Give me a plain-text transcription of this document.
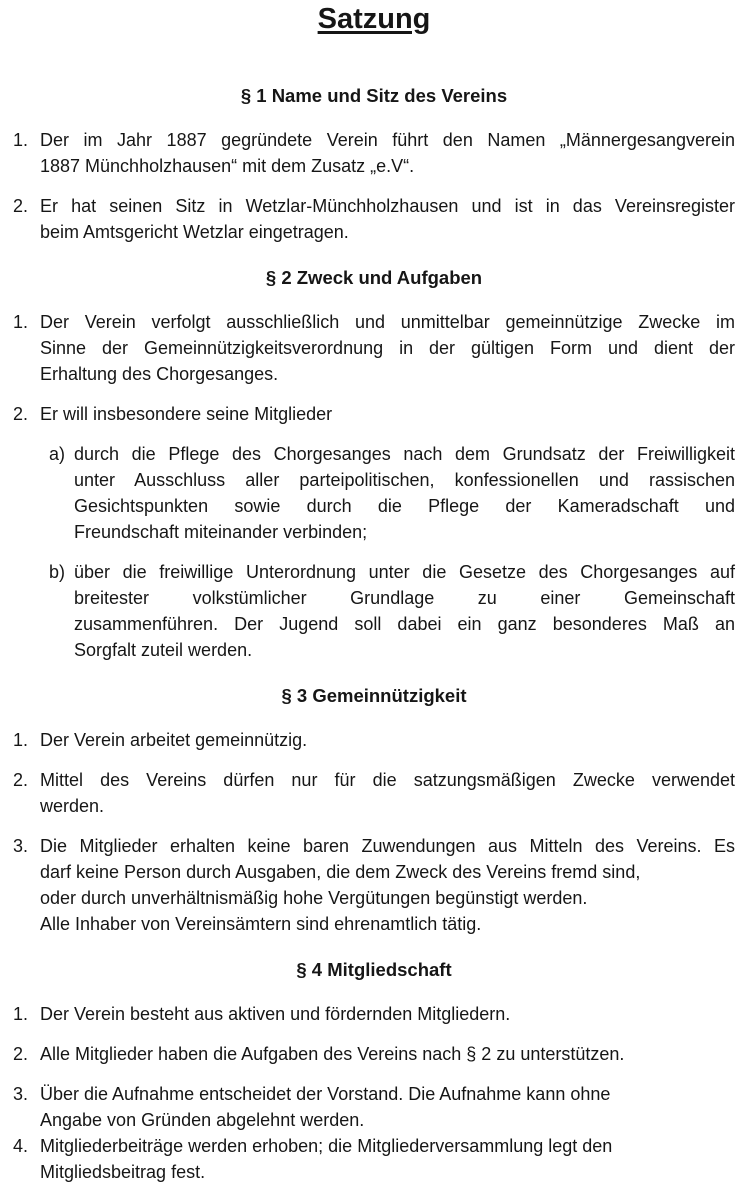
Satzung
§ 1 Name und Sitz des Vereins
1. Der im Jahr 1887 gegründete Verein führt den Namen „Männergesangverein
1887 Münchholzhausen“ mit dem Zusatz „e.V“.
2. Er hat seinen Sitz in Wetzlar-Münchholzhausen und ist in das Vereinsregister
beim Amtsgericht Wetzlar eingetragen.
§ 2 Zweck und Aufgaben
1. Der Verein verfolgt ausschließlich und unmittelbar gemeinnützige Zwecke im
Sinne der Gemeinnützigkeitsverordnung in der gültigen Form und dient der
Erhaltung des Chorgesanges.
2. Er will insbesondere seine Mitglieder
a) durch die Pflege des Chorgesanges nach dem Grundsatz der Freiwilligkeit
unter Ausschluss aller parteipolitischen, konfessionellen und rassischen
Gesichtspunkten sowie durch die Pflege der Kameradschaft und
Freundschaft miteinander verbinden;
b) über die freiwillige Unterordnung unter die Gesetze des Chorgesanges auf
breitester volkstümlicher Grundlage zu einer Gemeinschaft
zusammenführen. Der Jugend soll dabei ein ganz besonderes Maß an
Sorgfalt zuteil werden.
§ 3 Gemeinnützigkeit
1. Der Verein arbeitet gemeinnützig.
2. Mittel des Vereins dürfen nur für die satzungsmäßigen Zwecke verwendet
werden.
3. Die Mitglieder erhalten keine baren Zuwendungen aus Mitteln des Vereins. Es
darf keine Person durch Ausgaben, die dem Zweck des Vereins fremd sind,
oder durch unverhältnismäßig hohe Vergütungen begünstigt werden.
Alle Inhaber von Vereinsämtern sind ehrenamtlich tätig.
§ 4 Mitgliedschaft
1. Der Verein besteht aus aktiven und fördernden Mitgliedern.
2. Alle Mitglieder haben die Aufgaben des Vereins nach § 2 zu unterstützen.
3. Über die Aufnahme entscheidet der Vorstand. Die Aufnahme kann ohne
Angabe von Gründen abgelehnt werden.
4. Mitgliederbeiträge werden erhoben; die Mitgliederversammlung legt den
Mitgliedsbeitrag fest.
